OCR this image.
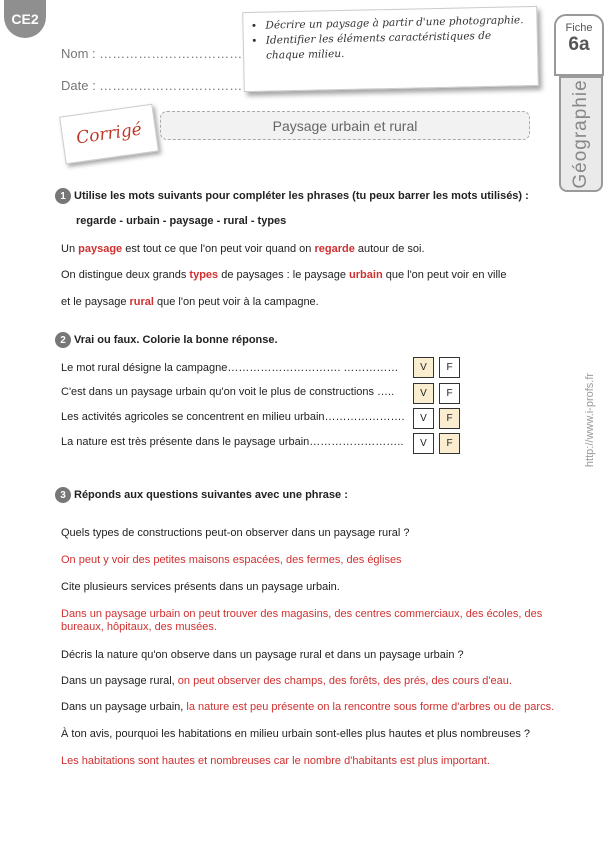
CE2
Nom : ……………………………
Date : ……………………………
• Décrire un paysage à partir d'une photographie.
• Identifier les éléments caractéristiques de chaque milieu.
Fiche
6a
Géographie
Corrigé	Paysage urbain et rural
1 Utilise les mots suivants pour compléter les phrases (tu peux barrer les mots utilisés) :
regarde - urbain - paysage - rural - types
Un paysage est tout ce que l'on peut voir quand on regarde autour de soi.
On distingue deux grands types de paysages : le paysage urbain que l'on peut voir en ville
et le paysage rural que l'on peut voir à la campagne.
2 Vrai ou faux. Colorie la bonne réponse.
Le mot rural désigne la campagne…………………………. ……………	V	F
C'est dans un paysage urbain qu'on voit le plus de constructions …..	V	F
Les activités agricoles se concentrent en milieu urbain………………….	V	F
La nature est très présente dans le paysage urbain……………………..	V	F	http://www.i-profs.fr
3 Réponds aux questions suivantes avec une phrase :
Quels types de constructions peut-on observer dans un paysage rural ?
On peut y voir des petites maisons espacées, des fermes, des églises
Cite plusieurs services présents dans un paysage urbain.
Dans un paysage urbain on peut trouver des magasins, des centres commerciaux, des écoles, des
bureaux, hôpitaux, des musées.
Décris la nature qu'on observe dans un paysage rural et dans un paysage urbain ?
Dans un paysage rural, on peut observer des champs, des forêts, des prés, des cours d'eau.
Dans un paysage urbain, la nature est peu présente on la rencontre sous forme d'arbres ou de parcs.
À ton avis, pourquoi les habitations en milieu urbain sont-elles plus hautes et plus nombreuses ?
Les habitations sont hautes et nombreuses car le nombre d'habitants est plus important.
